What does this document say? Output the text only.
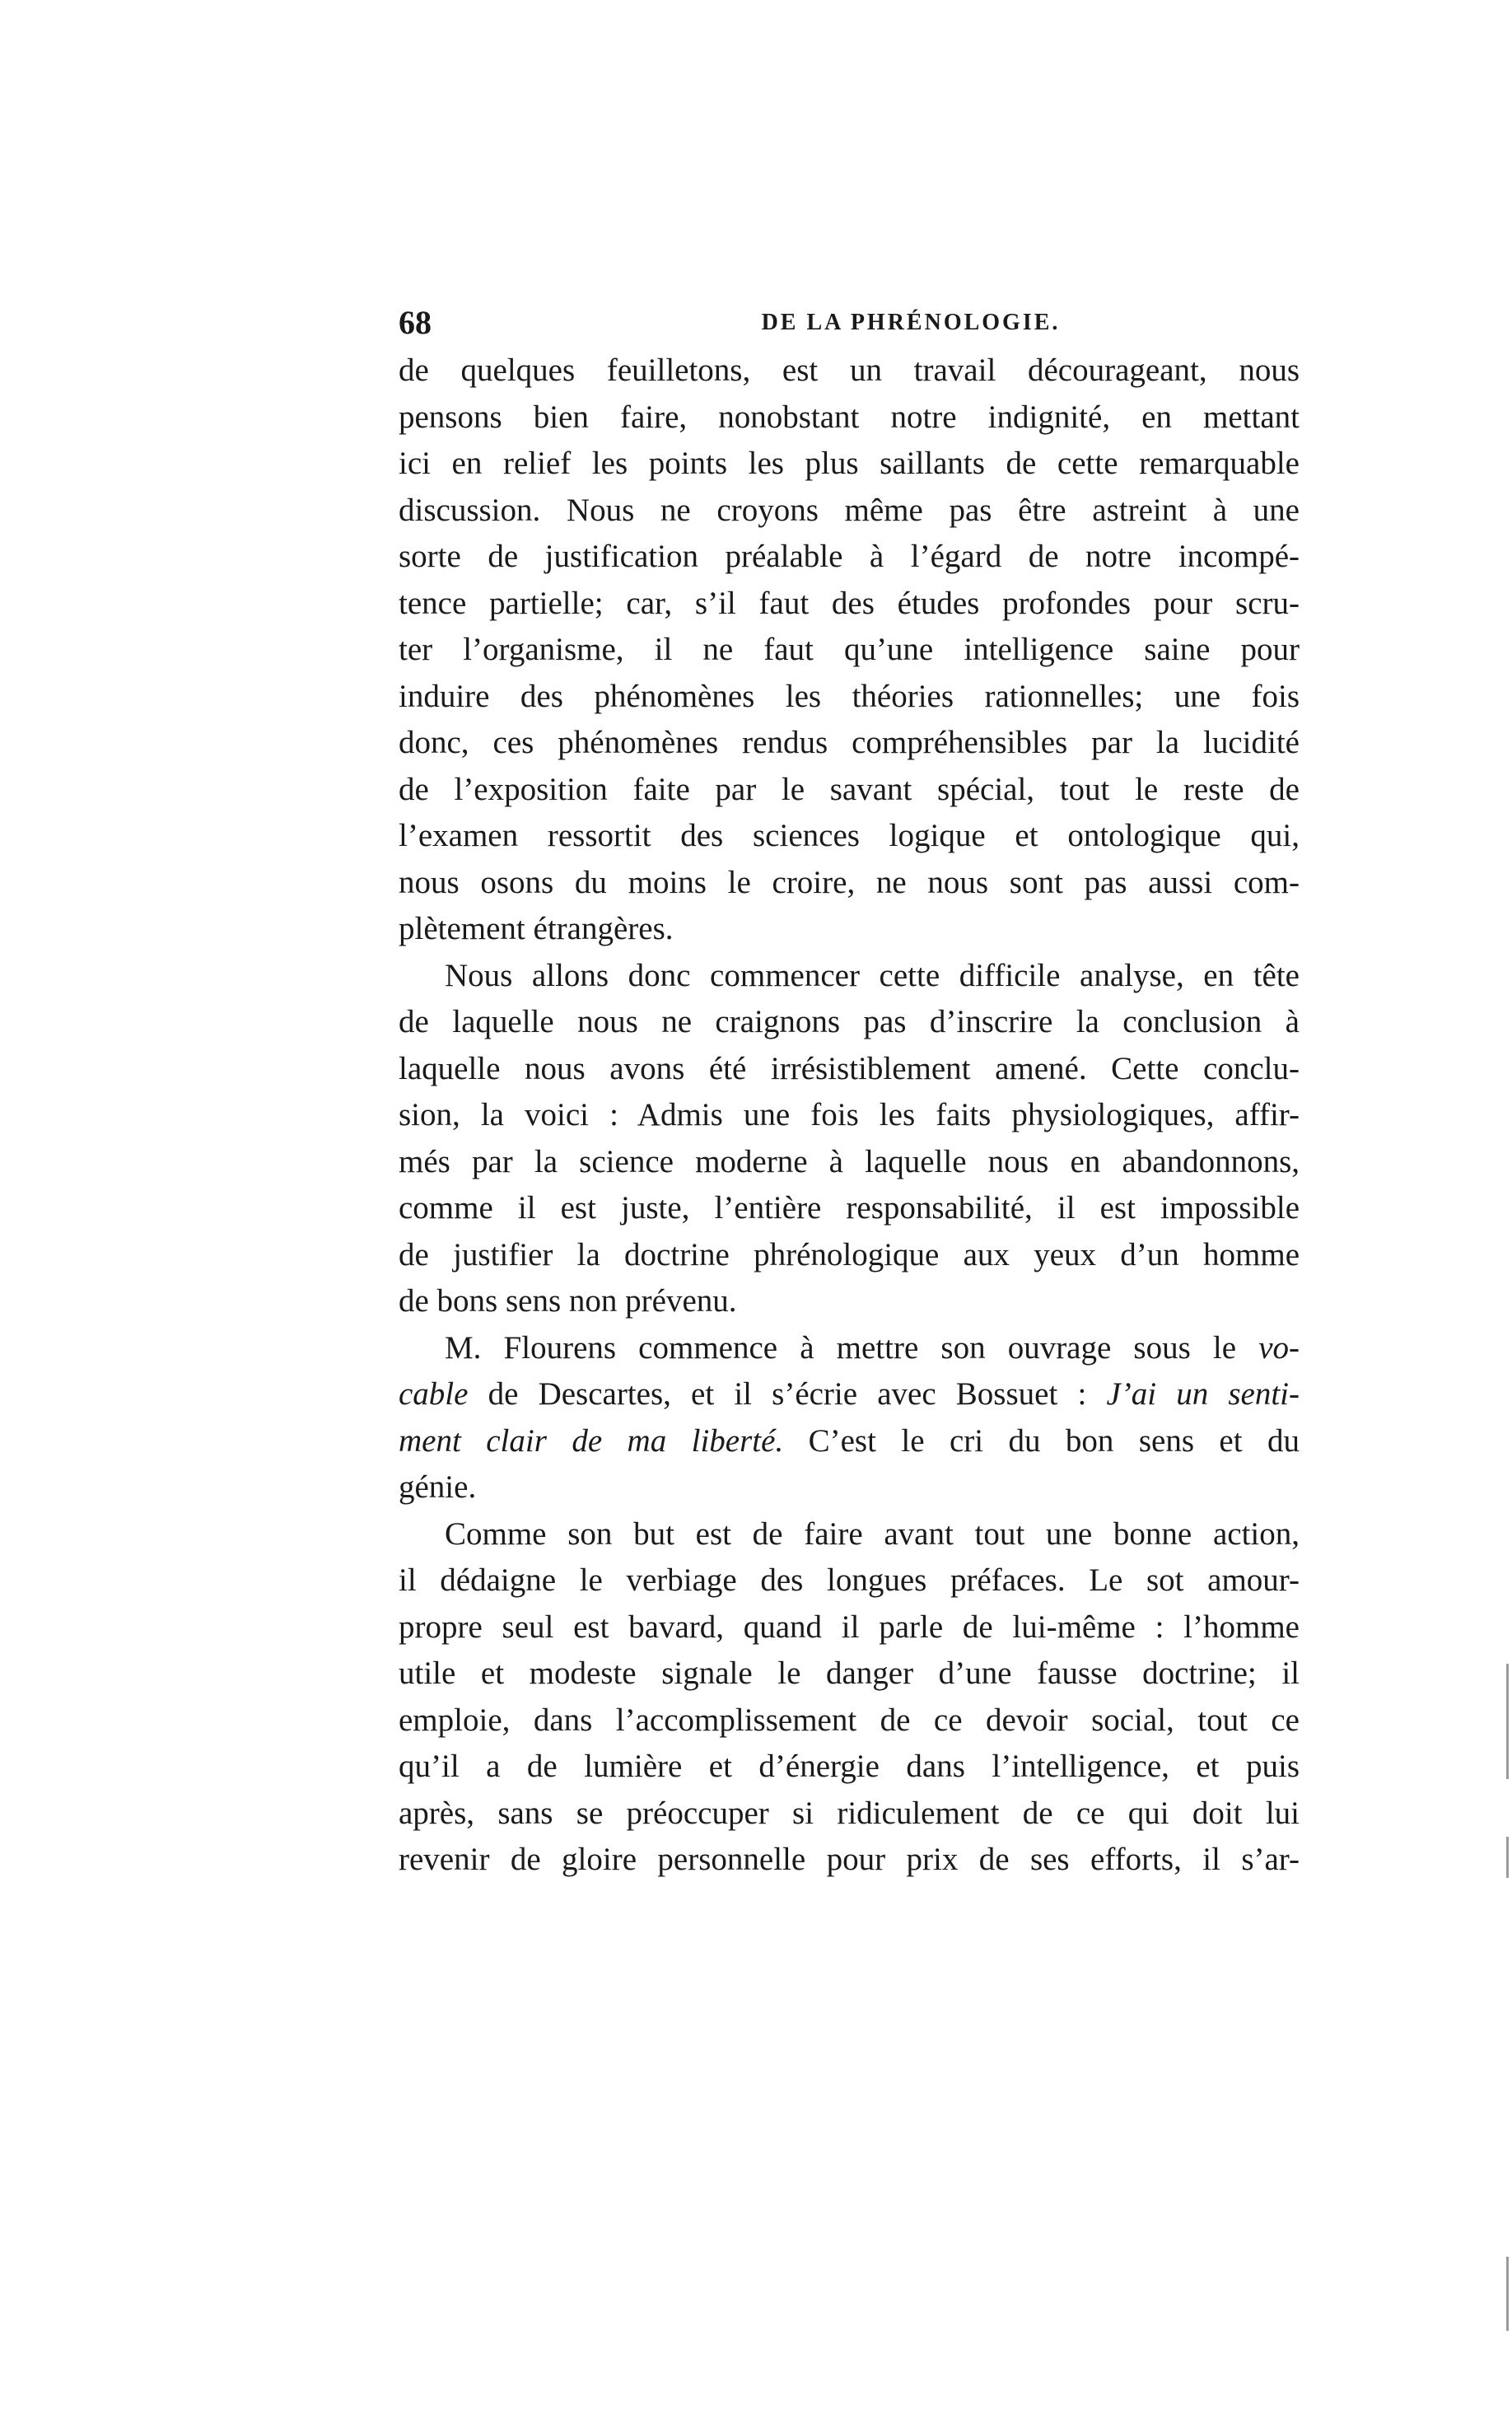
68	DE LA PHRÉNOLOGIE.
de quelques feuilletons, est un travail décourageant, nous
pensons bien faire, nonobstant notre indignité, en mettant
ici en relief les points les plus saillants de cette remarquable
discussion. Nous ne croyons même pas être astreint à une
sorte de justification préalable à l’égard de notre incompé-
tence partielle; car, s’il faut des études profondes pour scru-
ter l’organisme, il ne faut qu’une intelligence saine pour
induire des phénomènes les théories rationnelles; une fois
donc, ces phénomènes rendus compréhensibles par la lucidité
de l’exposition faite par le savant spécial, tout le reste de
l’examen ressortit des sciences logique et ontologique qui,
nous osons du moins le croire, ne nous sont pas aussi com-
plètement étrangères.
Nous allons donc commencer cette difficile analyse, en tête
de laquelle nous ne craignons pas d’inscrire la conclusion à
laquelle nous avons été irrésistiblement amené. Cette conclu-
sion, la voici : Admis une fois les faits physiologiques, affir-
més par la science moderne à laquelle nous en abandonnons,
comme il est juste, l’entière responsabilité, il est impossible
de justifier la doctrine phrénologique aux yeux d’un homme
de bons sens non prévenu.
M. Flourens commence à mettre son ouvrage sous le vo-
cable de Descartes, et il s’écrie avec Bossuet : J’ai un senti-
ment clair de ma liberté. C’est le cri du bon sens et du
génie.
Comme son but est de faire avant tout une bonne action,
il dédaigne le verbiage des longues préfaces. Le sot amour-
propre seul est bavard, quand il parle de lui-même : l’homme
utile et modeste signale le danger d’une fausse doctrine; il
emploie, dans l’accomplissement de ce devoir social, tout ce
qu’il a de lumière et d’énergie dans l’intelligence, et puis
après, sans se préoccuper si ridiculement de ce qui doit lui
revenir de gloire personnelle pour prix de ses efforts, il s’ar-
